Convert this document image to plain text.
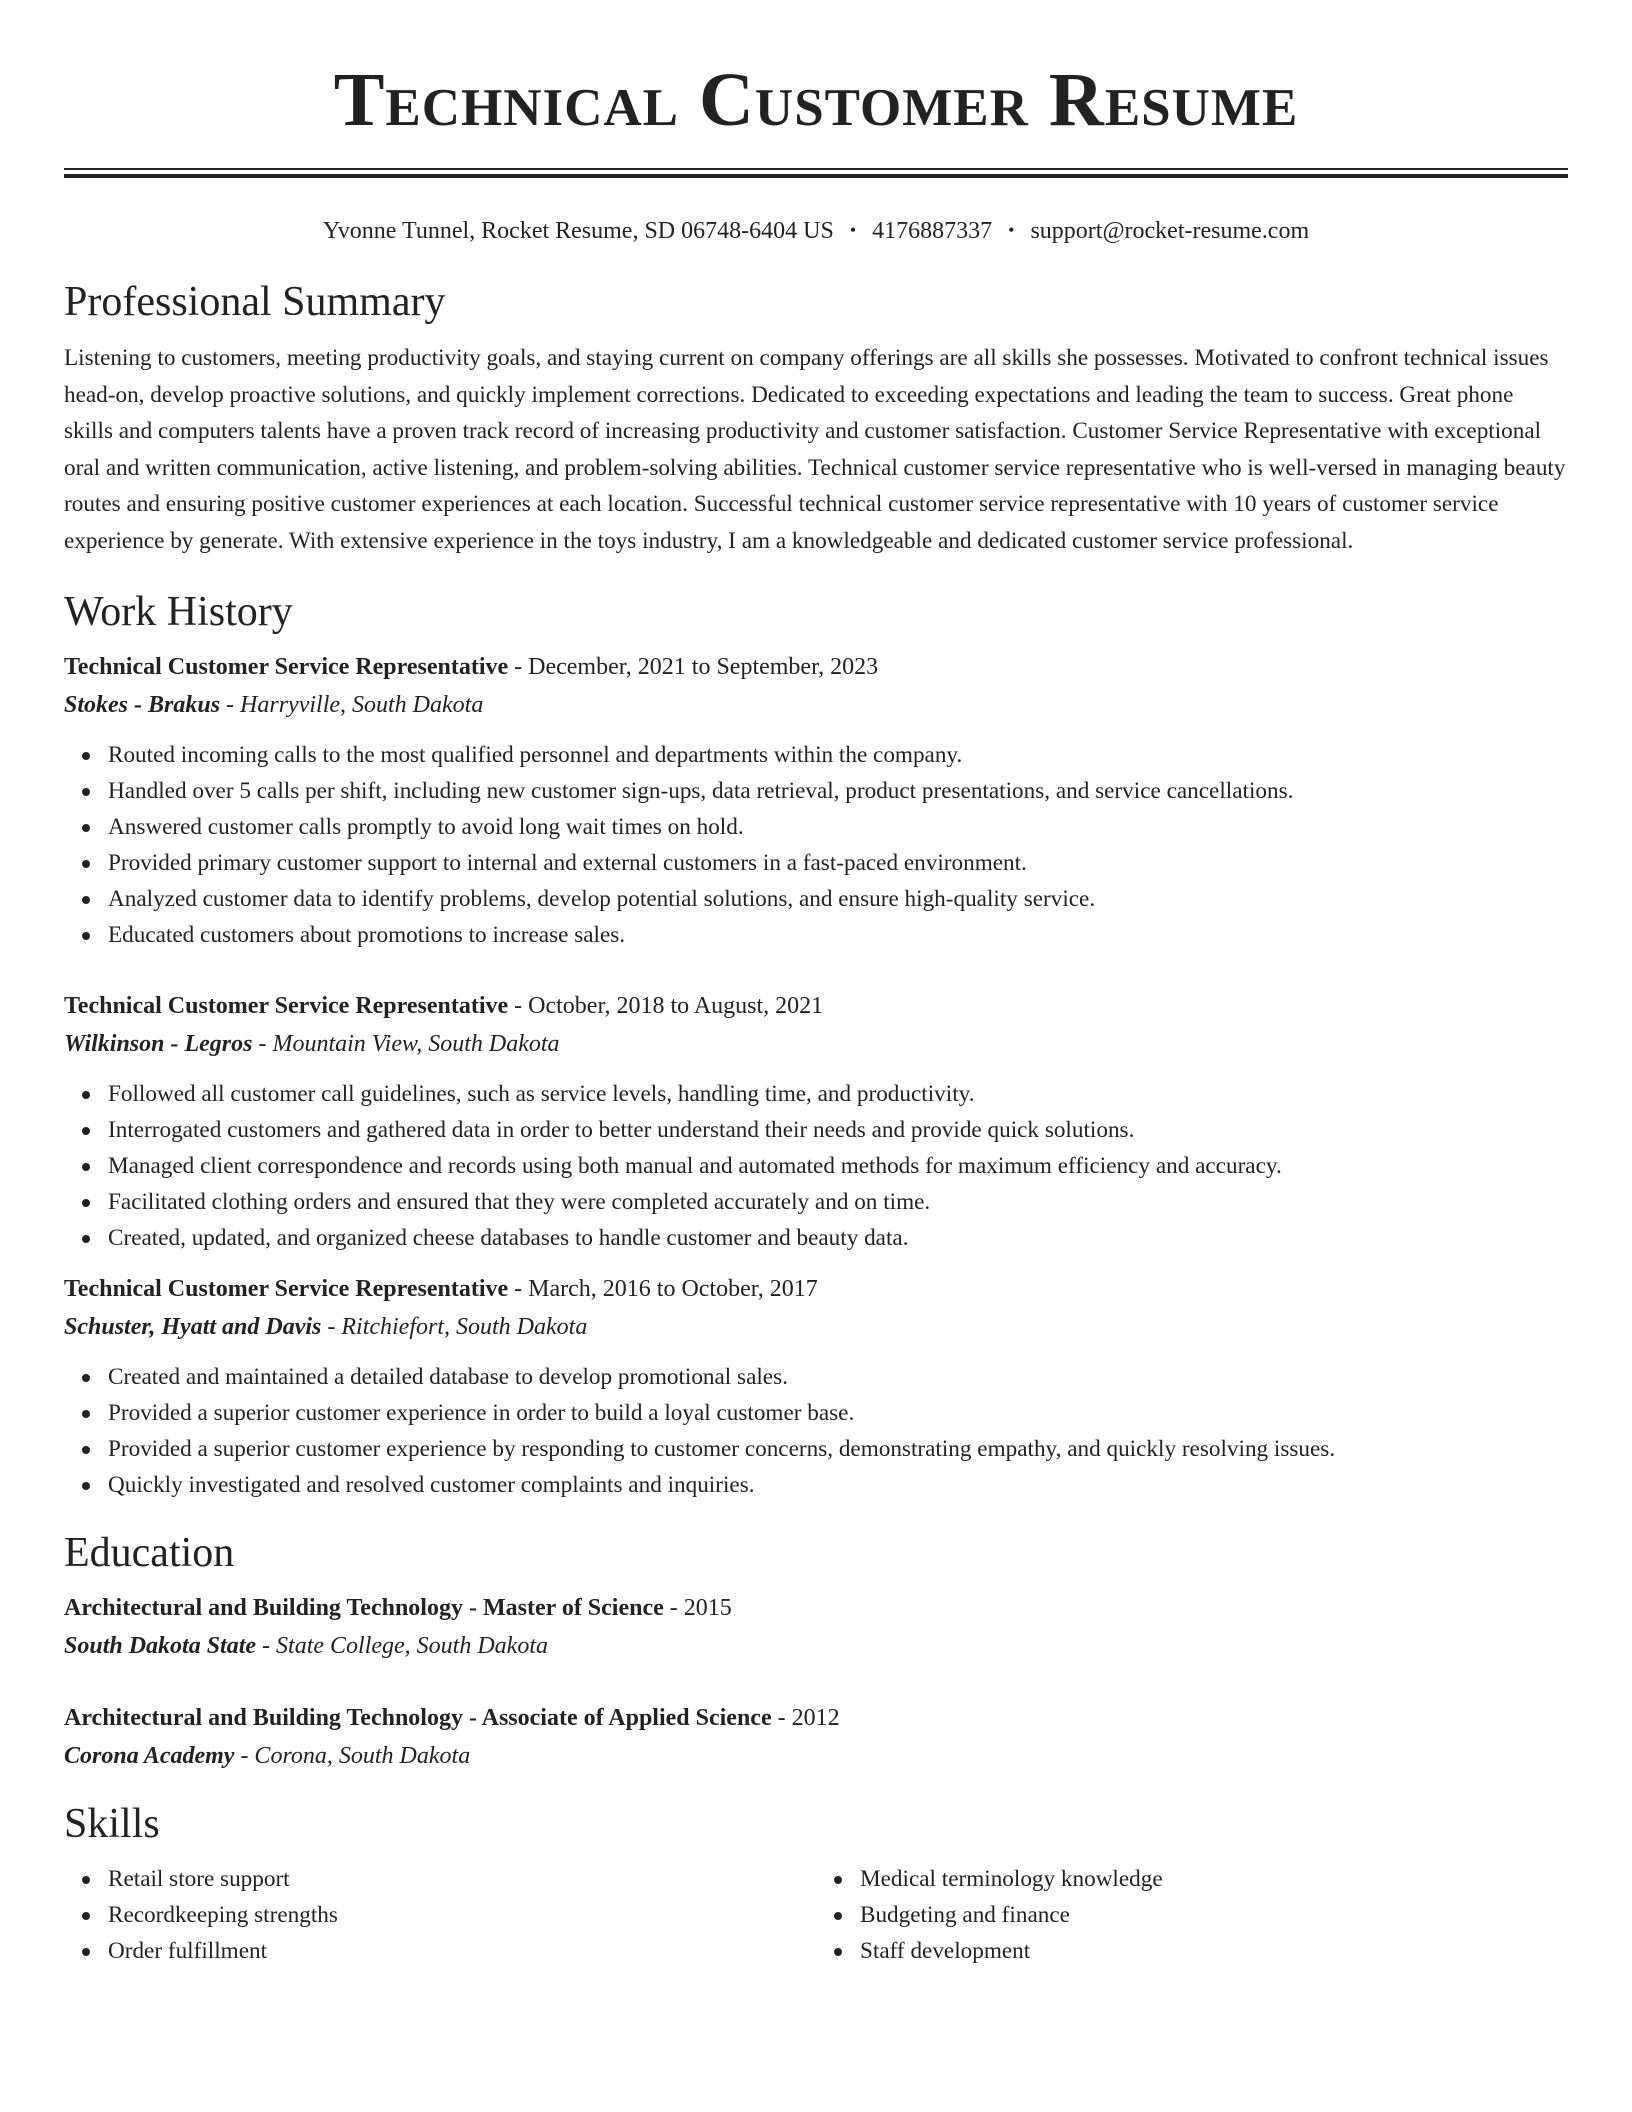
Technical Customer Resume
Yvonne Tunnel, Rocket Resume, SD 06748-6404 US • 4176887337 • support@rocket-resume.com
Professional Summary

Listening to customers, meeting productivity goals, and staying current on company offerings are all skills she possesses. Motivated to confront technical issues head-on, develop proactive solutions, and quickly implement corrections. Dedicated to exceeding expectations and leading the team to success. Great phone skills and computers talents have a proven track record of increasing productivity and customer satisfaction. Customer Service Representative with exceptional oral and written communication, active listening, and problem-solving abilities. Technical customer service representative who is well-versed in managing beauty routes and ensuring positive customer experiences at each location. Successful technical customer service representative with 10 years of customer service experience by generate. With extensive experience in the toys industry, I am a knowledgeable and dedicated customer service professional.

Work History

Technical Customer Service Representative - December, 2021 to September, 2023

Stokes - Brakus - Harryville, South Dakota

Routed incoming calls to the most qualified personnel and departments within the company.
Handled over 5 calls per shift, including new customer sign-ups, data retrieval, product presentations, and service cancellations.
Answered customer calls promptly to avoid long wait times on hold.
Provided primary customer support to internal and external customers in a fast-paced environment.
Analyzed customer data to identify problems, develop potential solutions, and ensure high-quality service.
Educated customers about promotions to increase sales.

Technical Customer Service Representative - October, 2018 to August, 2021

Wilkinson - Legros - Mountain View, South Dakota

Followed all customer call guidelines, such as service levels, handling time, and productivity.
Interrogated customers and gathered data in order to better understand their needs and provide quick solutions.
Managed client correspondence and records using both manual and automated methods for maximum efficiency and accuracy.
Facilitated clothing orders and ensured that they were completed accurately and on time.
Created, updated, and organized cheese databases to handle customer and beauty data.

Technical Customer Service Representative - March, 2016 to October, 2017

Schuster, Hyatt and Davis - Ritchiefort, South Dakota

Created and maintained a detailed database to develop promotional sales.
Provided a superior customer experience in order to build a loyal customer base.
Provided a superior customer experience by responding to customer concerns, demonstrating empathy, and quickly resolving issues.
Quickly investigated and resolved customer complaints and inquiries.
Education

Architectural and Building Technology - Master of Science - 2015

South Dakota State - State College, South Dakota

Architectural and Building Technology - Associate of Applied Science - 2012

Corona Academy - Corona, South Dakota

Skills
Retail store support
Recordkeeping strengths
Order fulfillment
Medical terminology knowledge
Budgeting and finance
Staff development
